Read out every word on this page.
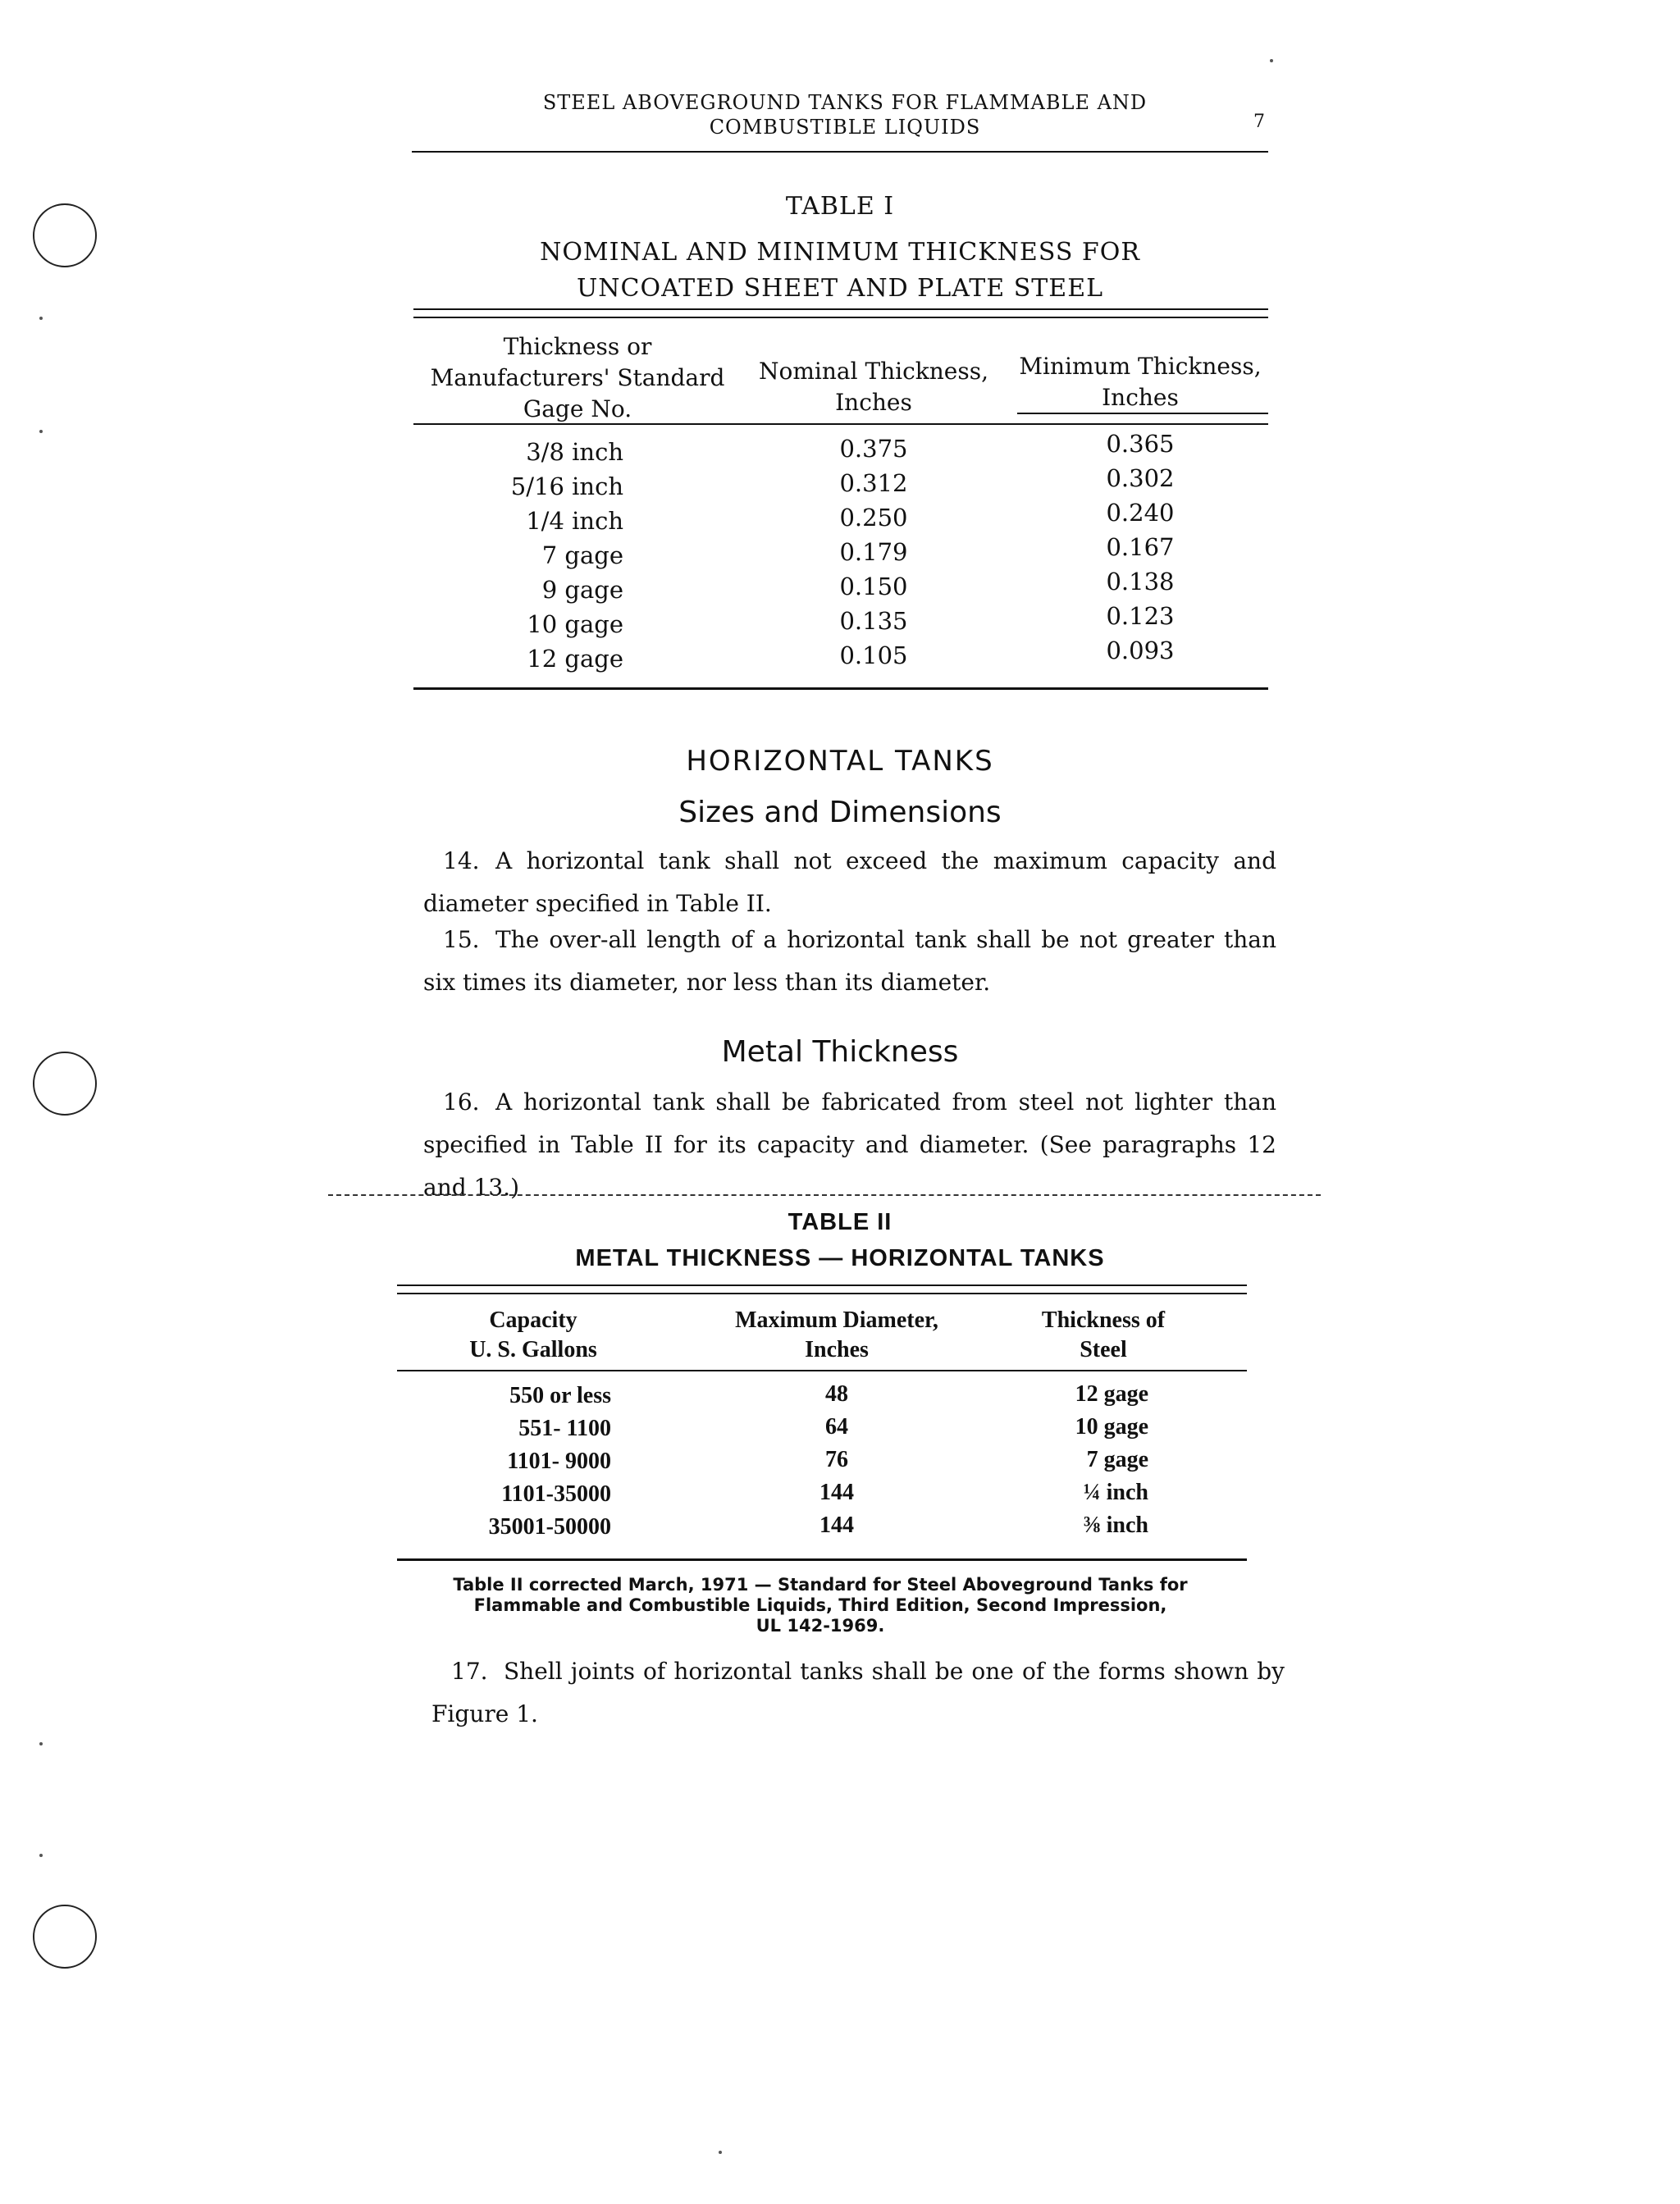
STEEL ABOVEGROUND TANKS FOR FLAMMABLE AND
COMBUSTIBLE LIQUIDS	7
TABLE I
NOMINAL AND MINIMUM THICKNESS FOR
UNCOATED SHEET AND PLATE STEEL
Thickness or
Manufacturers' Standard
Gage No.
Nominal Thickness,
Inches
Minimum Thickness,
Inches
3/8 inch	0.375	0.365
5/16 inch	0.312	0.302
1/4 inch	0.250	0.240
7 gage	0.179	0.167
9 gage	0.150	0.138
10 gage	0.135	0.123
12 gage	0.105	0.093
HORIZONTAL TANKS
Sizes and Dimensions
14. A horizontal tank shall not exceed the maximum capacity and diameter specified in Table II.
15. The over-all length of a horizontal tank shall be not greater than six times its diameter, nor less than its diameter.
Metal Thickness
16. A horizontal tank shall be fabricated from steel not lighter than specified in Table II for its capacity and diameter. (See paragraphs 12 and 13.)
TABLE II
METAL THICKNESS — HORIZONTAL TANKS
Capacity
U. S. Gallons
Maximum Diameter,
Inches
Thickness of
Steel
550 or less	48	12 gage
551- 1100	64	10 gage
1101- 9000	76	7 gage
1101-35000	144	¼ inch
35001-50000	144	⅜ inch
Table II corrected March, 1971 — Standard for Steel Aboveground Tanks for
Flammable and Combustible Liquids, Third Edition, Second Impression,
UL 142-1969.
17. Shell joints of horizontal tanks shall be one of the forms shown by Figure 1.
